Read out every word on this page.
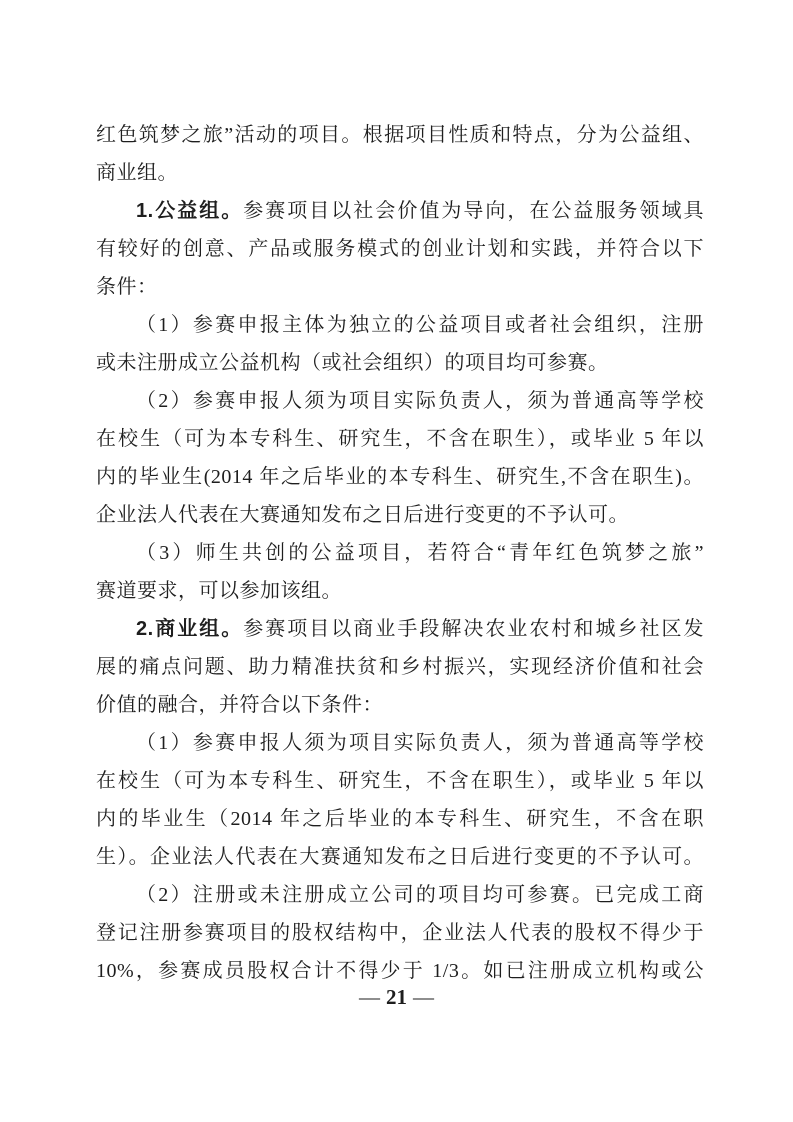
红色筑梦之旅”活动的项目。根据项目性质和特点，分为公益组、
商业组。
1.公益组。参赛项目以社会价值为导向，在公益服务领域具
有较好的创意、产品或服务模式的创业计划和实践，并符合以下
条件：
（1）参赛申报主体为独立的公益项目或者社会组织，注册
或未注册成立公益机构（或社会组织）的项目均可参赛。
（2）参赛申报人须为项目实际负责人，须为普通高等学校
在校生（可为本专科生、研究生，不含在职生），或毕业 5 年以
内的毕业生(2014 年之后毕业的本专科生、研究生,不含在职生)。
企业法人代表在大赛通知发布之日后进行变更的不予认可。
（3）师生共创的公益项目，若符合“青年红色筑梦之旅”
赛道要求，可以参加该组。
2.商业组。参赛项目以商业手段解决农业农村和城乡社区发
展的痛点问题、助力精准扶贫和乡村振兴，实现经济价值和社会
价值的融合，并符合以下条件：
（1）参赛申报人须为项目实际负责人，须为普通高等学校
在校生（可为本专科生、研究生，不含在职生），或毕业 5 年以
内的毕业生（2014 年之后毕业的本专科生、研究生，不含在职
生）。企业法人代表在大赛通知发布之日后进行变更的不予认可。
（2）注册或未注册成立公司的项目均可参赛。已完成工商
登记注册参赛项目的股权结构中，企业法人代表的股权不得少于
10%，参赛成员股权合计不得少于 1/3。如已注册成立机构或公
— 21 —
